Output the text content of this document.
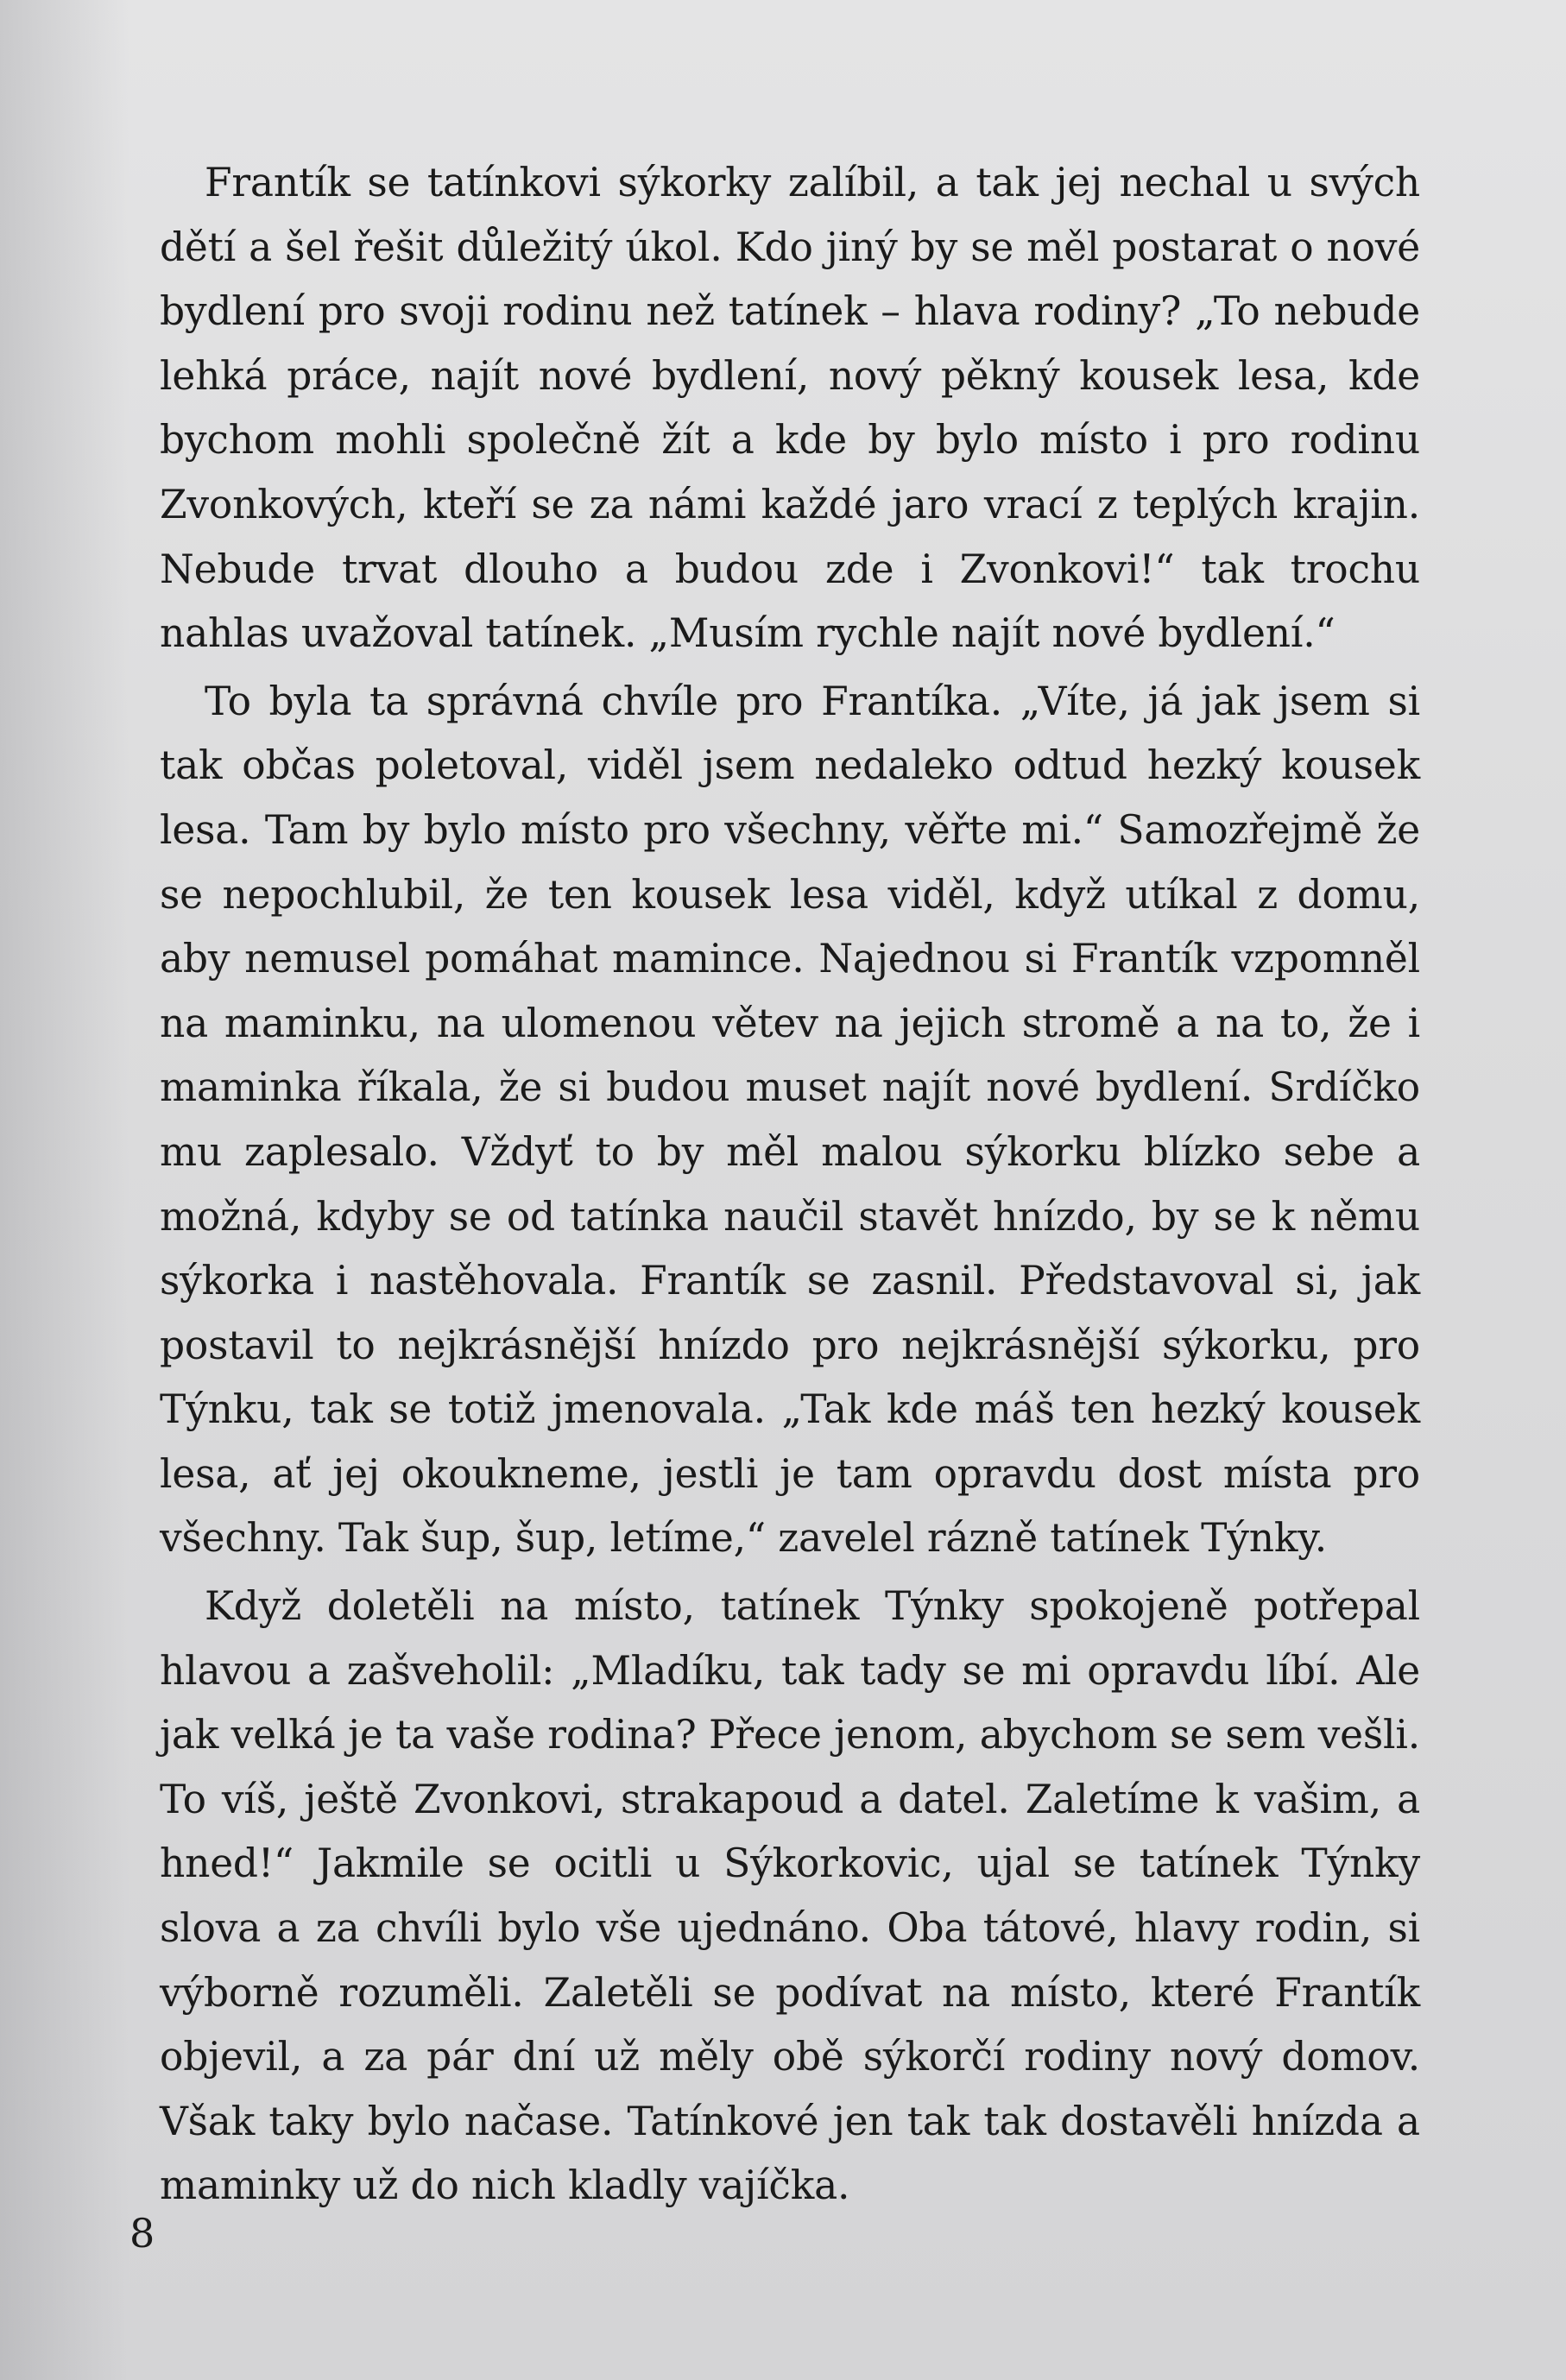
Frantík se tatínkovi sýkorky zalíbil, a tak jej nechal u svých dětí a šel řešit důležitý úkol. Kdo jiný by se měl postarat o nové bydlení pro svoji rodinu než tatínek – hlava rodiny? „To nebude lehká práce, najít nové bydlení, nový pěkný kousek lesa, kde bychom mohli společně žít a kde by bylo místo i pro rodinu Zvonkových, kteří se za námi každé jaro vrací z teplých krajin. Nebude trvat dlouho a budou zde i Zvonkovi!“ tak trochu nahlas uvažoval tatínek. „Musím rychle najít nové bydlení.“

To byla ta správná chvíle pro Frantíka. „Víte, já jak jsem si tak občas poletoval, viděl jsem nedaleko odtud hezký kousek lesa. Tam by bylo místo pro všechny, věřte mi.“ Samozřejmě že se nepochlubil, že ten kousek lesa viděl, když utíkal z domu, aby nemusel pomáhat mamince. Najednou si Frantík vzpomněl na maminku, na ulomenou větev na jejich stromě a na to, že i maminka říkala, že si budou muset najít nové bydlení. Srdíčko mu zaplesalo. Vždyť to by měl malou sýkorku blízko sebe a možná, kdyby se od tatínka naučil stavět hnízdo, by se k němu sýkorka i nastěhovala. Frantík se zasnil. Představoval si, jak postavil to nejkrásnější hnízdo pro nejkrásnější sýkorku, pro Týnku, tak se totiž jmenovala. „Tak kde máš ten hezký kousek lesa, ať jej okoukneme, jestli je tam opravdu dost místa pro všechny. Tak šup, šup, letíme,“ zavelel rázně tatínek Týnky.

Když doletěli na místo, tatínek Týnky spokojeně potřepal hlavou a zašveholil: „Mladíku, tak tady se mi opravdu líbí. Ale jak velká je ta vaše rodina? Přece jenom, abychom se sem vešli. To víš, ještě Zvonkovi, strakapoud a datel. Zaletíme k vašim, a hned!“ Jakmile se ocitli u Sýkorkovic, ujal se tatínek Týnky slova a za chvíli bylo vše ujednáno. Oba tátové, hlavy rodin, si výborně rozuměli. Zaletěli se podívat na místo, které Frantík objevil, a za pár dní už měly obě sýkorčí rodiny nový domov. Však taky bylo načase. Tatínkové jen tak tak dostavěli hnízda a maminky už do nich kladly vajíčka.

8
